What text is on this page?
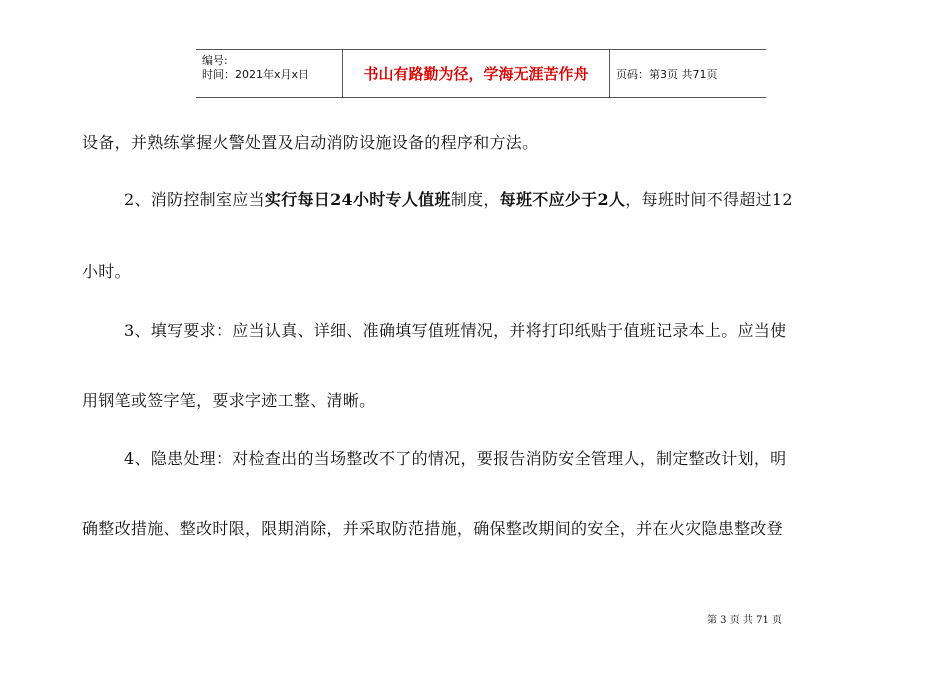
编号:
时间：2021年x月x日	书山有路勤为径，学海无涯苦作舟	页码：第3页 共71页
设备，并熟练掌握火警处置及启动消防设施设备的程序和方法。
2、消防控制室应当实行每日24小时专人值班制度，每班不应少于2人，每班时间不得超过12
小时。
3、填写要求：应当认真、详细、准确填写值班情况，并将打印纸贴于值班记录本上。应当使
用钢笔或签字笔，要求字迹工整、清晰。
4、隐患处理：对检查出的当场整改不了的情况，要报告消防安全管理人，制定整改计划，明
确整改措施、整改时限，限期消除，并采取防范措施，确保整改期间的安全，并在火灾隐患整改登
第 3 页 共 71 页
